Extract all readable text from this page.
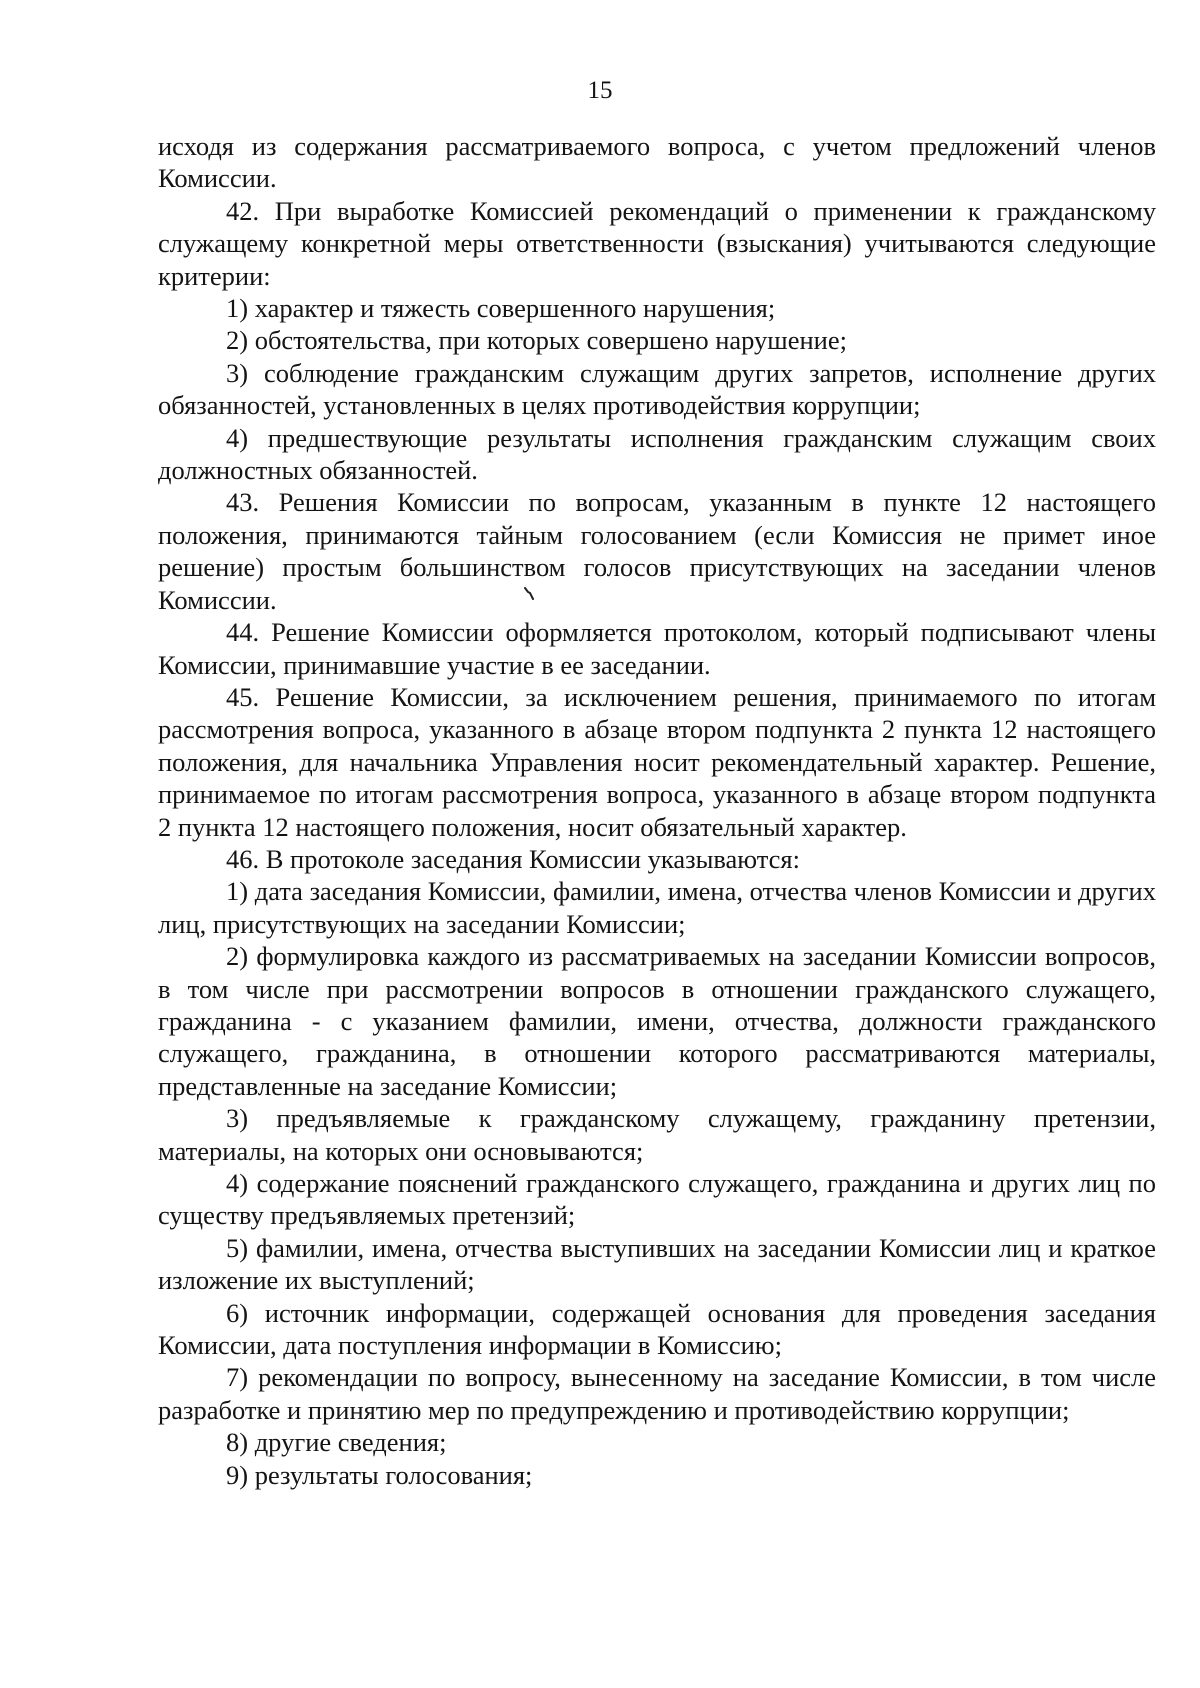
15

исходя из содержания рассматриваемого вопроса, с учетом предложений членов Комиссии.

42. При выработке Комиссией рекомендаций о применении к гражданскому служащему конкретной меры ответственности (взыскания) учитываются следующие критерии:

1) характер и тяжесть совершенного нарушения;

2) обстоятельства, при которых совершено нарушение;

3) соблюдение гражданским служащим других запретов, исполнение других обязанностей, установленных в целях противодействия коррупции;

4) предшествующие результаты исполнения гражданским служащим своих должностных обязанностей.

43. Решения Комиссии по вопросам, указанным в пункте 12 настоящего положения, принимаются тайным голосованием (если Комиссия не примет иное решение) простым большинством голосов присутствующих на заседании членов Комиссии.

44. Решение Комиссии оформляется протоколом, который подписывают члены Комиссии, принимавшие участие в ее заседании.

45. Решение Комиссии, за исключением решения, принимаемого по итогам рассмотрения вопроса, указанного в абзаце втором подпункта 2 пункта 12 настоящего положения, для начальника Управления носит рекомендательный характер. Решение, принимаемое по итогам рассмотрения вопроса, указанного в абзаце втором подпункта 2 пункта 12 настоящего положения, носит обязательный характер.

46. В протоколе заседания Комиссии указываются:

1) дата заседания Комиссии, фамилии, имена, отчества членов Комиссии и других лиц, присутствующих на заседании Комиссии;

2) формулировка каждого из рассматриваемых на заседании Комиссии вопросов, в том числе при рассмотрении вопросов в отношении гражданского служащего, гражданина - с указанием фамилии, имени, отчества, должности гражданского служащего, гражданина, в отношении которого рассматриваются материалы, представленные на заседание Комиссии;

3) предъявляемые к гражданскому служащему, гражданину претензии, материалы, на которых они основываются;

4) содержание пояснений гражданского служащего, гражданина и других лиц по существу предъявляемых претензий;

5) фамилии, имена, отчества выступивших на заседании Комиссии лиц и краткое изложение их выступлений;

6) источник информации, содержащей основания для проведения заседания Комиссии, дата поступления информации в Комиссию;

7) рекомендации по вопросу, вынесенному на заседание Комиссии, в том числе разработке и принятию мер по предупреждению и противодействию коррупции;

8) другие сведения;

9) результаты голосования;
